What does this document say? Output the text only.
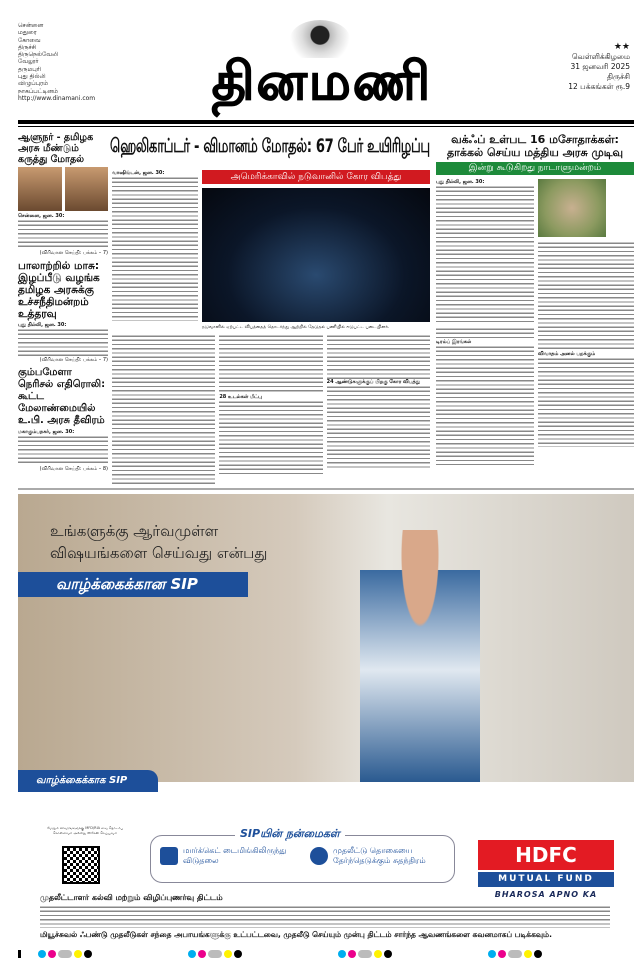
சென்னை
மதுரை
கோவை
திருச்சி
திருநெல்வேலி
வேலூர்
தருமபுரி
புது தில்லி
விழுப்புரம்
நாகப்பட்டினம்
http://www.dinamani.com	தினமணி
★★
வெள்ளிக்கிழமை
31 ஜனவரி 2025
திருச்சி
12 பக்கங்கள் ரூ.9
ஆளுநர் - தமிழக அரசு மீண்டும் கருத்து மோதல்
சென்னை, ஜன. 30:
(விரிவான செய்தி: பக்கம் – 7)
பாலாற்றில் மாசு: இழப்பீடு வழங்க தமிழக அரசுக்கு உச்சநீதிமன்றம் உத்தரவு
புது தில்லி, ஜன. 30:
(விரிவான செய்தி: பக்கம் – 7)
கும்பமேளா நெரிசல் எதிரொலி: கூட்ட மேலாண்மையில் உ.பி. அரசு தீவிரம்
மகாகும்பநகர், ஜன. 30:
(விரிவான செய்தி: பக்கம் – 8)
ஹெலிகாப்டர் - விமானம் மோதல்: 67 பேர் உயிரிழப்பு
வாஷிங்டன், ஜன. 30:	அமெரிக்காவில் நடுவானில் கோர விபத்து
நடுவானில் ஏற்பட்ட விபத்தைத் தொடர்ந்து ஆற்றில் தேடுதல் பணியில் ஈடுபட்ட படையினர்.
28 உடல்கள் மீட்பு
24 ஆண்டுகளுக்குப் பிறகு கோர விபத்து
வக்ஃப் உள்பட 16 மசோதாக்கள்: தாக்கல் செய்ய மத்திய அரசு முடிவு
இன்று கூடுகிறது நாடாளுமன்றம்
புது தில்லி, ஜன. 30:
டிரம்ப் இரங்கல்
விவாதம் அனல் பறக்கும்
உங்களுக்கு ஆர்வமுள்ள
விஷயங்களை செய்வது என்பது
வாழ்க்கைக்கான SIP
வாழ்க்கைக்காக SIP
மேலும் விவரங்களுக்கு MFD/RIA வை தொடர்பு கொள்ளவும் அல்லது ஸ்கேன் செய்யவும்	SIPயின் நன்மைகள்
மார்க்கெட் டைமிங்கிலிருந்து விடுதலை
முதலீட்டு தொகையை தேர்ந்தெடுக்கும் சுதந்திரம்	HDFC
MUTUAL FUND
BHAROSA APNO KA
முதலீட்டாளர் கல்வி மற்றும் விழிப்புணர்வு திட்டம்
மியூச்சுவல் ஃபண்டு முதலீடுகள் சந்தை அபாயங்களுக்கு உட்பட்டவை, முதலீடு செய்யும் முன்பு திட்டம் சார்ந்த ஆவணங்களை கவனமாகப் படிக்கவும்.
